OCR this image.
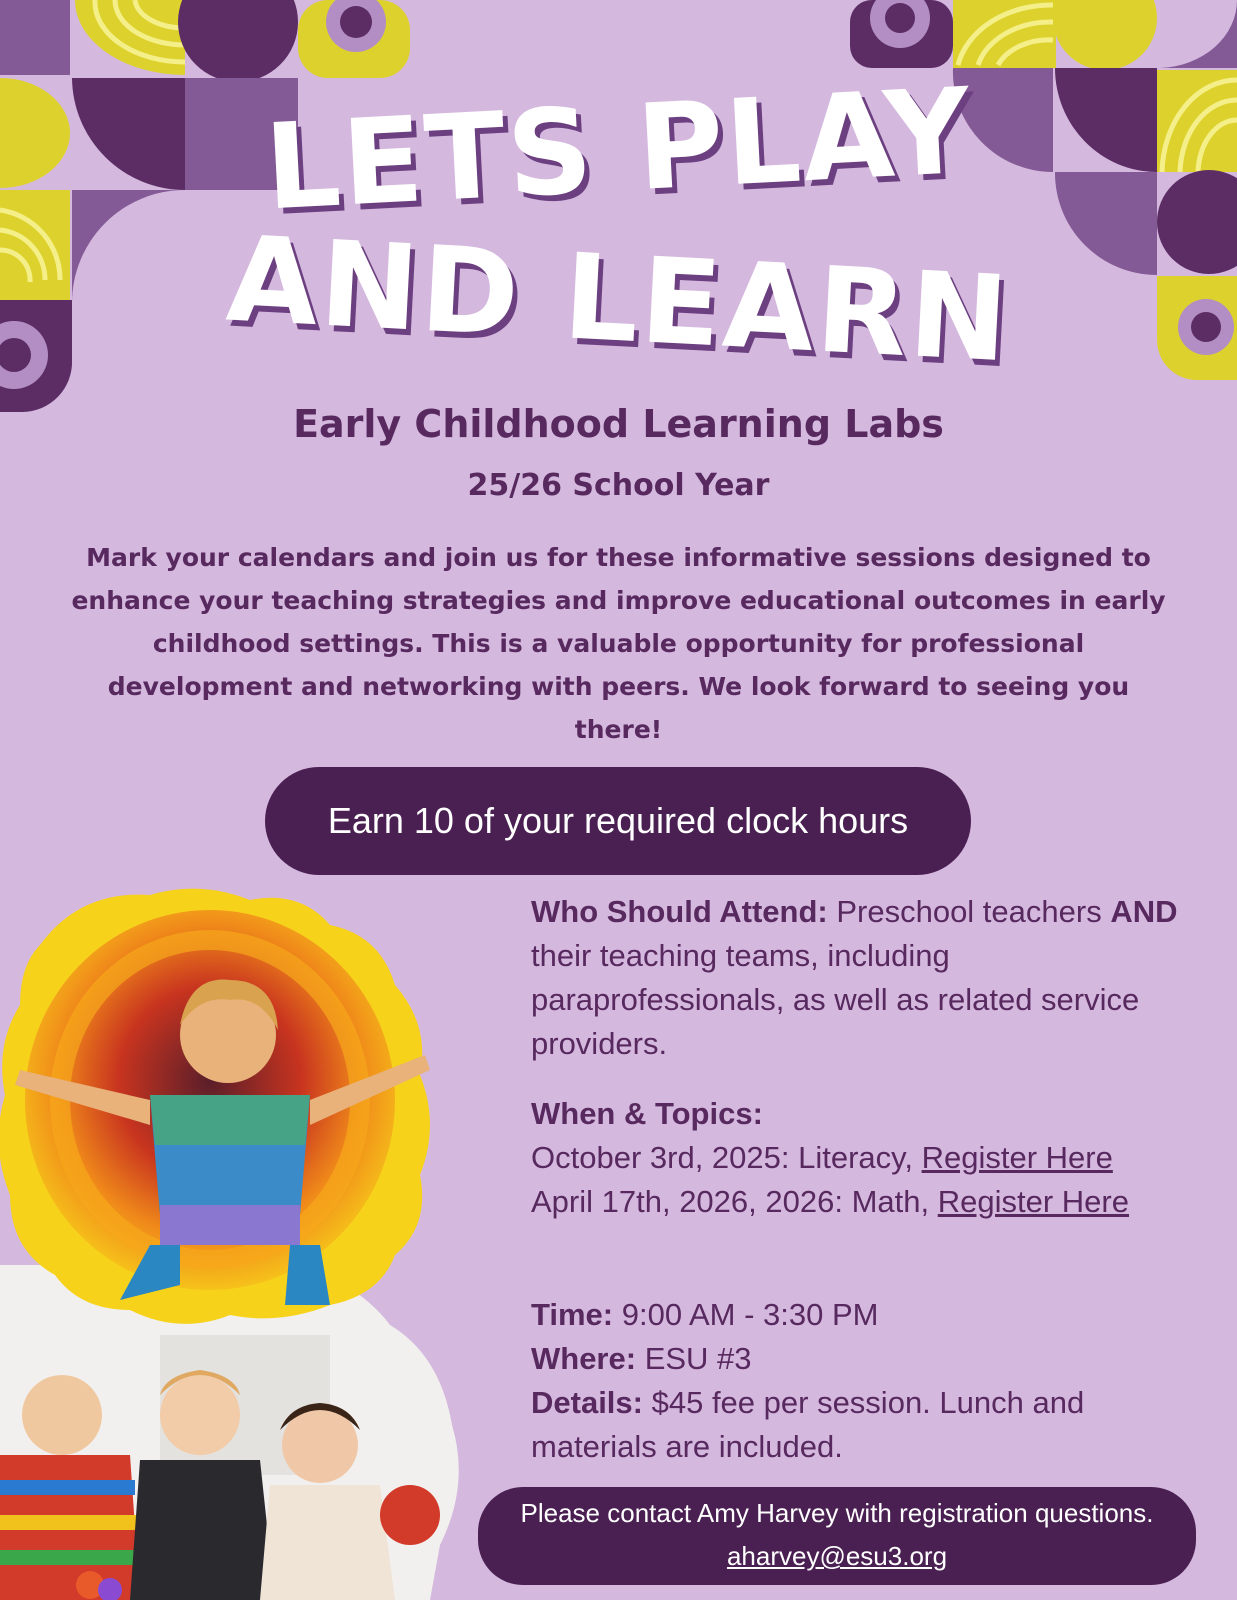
LETS PLAY
AND LEARN
Early Childhood Learning Labs
25/26 School Year
Mark your calendars and join us for these informative sessions designed to enhance your teaching strategies and improve educational outcomes in early childhood settings. This is a valuable opportunity for professional development and networking with peers. We look forward to seeing you there!
Earn 10 of your required clock hours
Who Should Attend: Preschool teachers AND their teaching teams, including paraprofessionals, as well as related service providers.
When & Topics:
October 3rd, 2025: Literacy, Register Here
April 17th, 2026, 2026: Math, Register Here
Time: 9:00 AM - 3:30 PM
Where: ESU #3
Details: $45 fee per session. Lunch and materials are included.
Please contact Amy Harvey with registration questions.
aharvey@esu3.org
